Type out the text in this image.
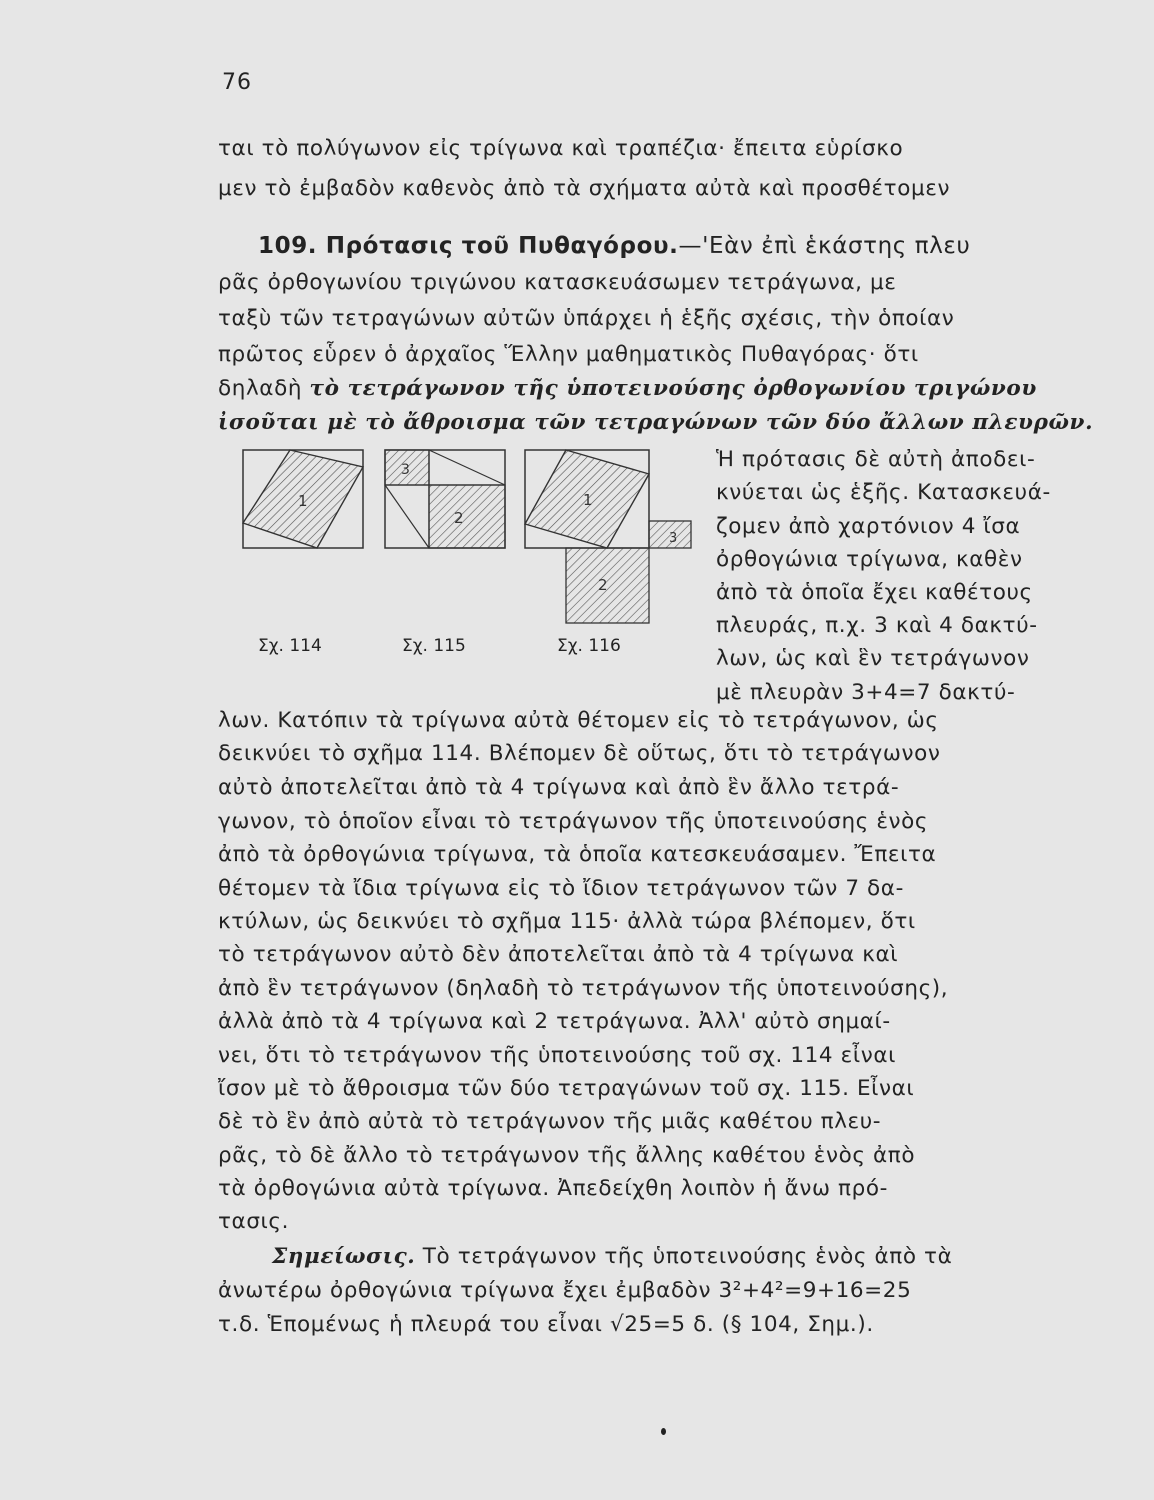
76
ται τὸ πολύγωνον εἰς τρίγωνα καὶ τραπέζια· ἔπειτα εὑρίσκο
μεν τὸ ἐμβαδὸν καθενὸς ἀπὸ τὰ σχήματα αὐτὰ καὶ προσθέτομεν
109. Πρότασις τοῦ Πυθαγόρου.—'Εὰν ἐπὶ ἑκάστης πλευ
ρᾶς ὀρθογωνίου τριγώνου κατασκευάσωμεν τετράγωνα, με
ταξὺ τῶν τετραγώνων αὐτῶν ὑπάρχει ἡ ἑξῆς σχέσις, τὴν ὁποίαν
πρῶτος εὗρεν ὁ ἀρχαῖος Ἕλλην μαθηματικὸς Πυθαγόρας· ὅτι
δηλαδὴ τὸ τετράγωνον τῆς ὑποτεινούσης ὀρθογωνίου τριγώνου
ἰσοῦται μὲ τὸ ἄθροισμα τῶν τετραγώνων τῶν δύο ἄλλων πλευρῶν.
Ἡ πρότασις δὲ αὐτὴ ἀποδει-
κνύεται ὡς ἑξῆς. Κατασκευά-
ζομεν ἀπὸ χαρτόνιον 4 ἴσα
ὀρθογώνια τρίγωνα, καθὲν
ἀπὸ τὰ ὁποῖα ἔχει καθέτους
πλευράς, π.χ. 3 καὶ 4 δακτύ-
λων, ὡς καὶ ἓν τετράγωνον
μὲ πλευρὰν 3+4=7 δακτύ-
1
3
2
1
3
2
Σχ. 114	Σχ. 115	Σχ. 116
λων. Κατόπιν τὰ τρίγωνα αὐτὰ θέτομεν εἰς τὸ τετράγωνον, ὡς
δεικνύει τὸ σχῆμα 114. Βλέπομεν δὲ οὕτως, ὅτι τὸ τετράγωνον
αὐτὸ ἀποτελεῖται ἀπὸ τὰ 4 τρίγωνα καὶ ἀπὸ ἓν ἄλλο τετρά-
γωνον, τὸ ὁποῖον εἶναι τὸ τετράγωνον τῆς ὑποτεινούσης ἑνὸς
ἀπὸ τὰ ὀρθογώνια τρίγωνα, τὰ ὁποῖα κατεσκευάσαμεν. Ἔπειτα
θέτομεν τὰ ἴδια τρίγωνα εἰς τὸ ἴδιον τετράγωνον τῶν 7 δα-
κτύλων, ὡς δεικνύει τὸ σχῆμα 115· ἀλλὰ τώρα βλέπομεν, ὅτι
τὸ τετράγωνον αὐτὸ δὲν ἀποτελεῖται ἀπὸ τὰ 4 τρίγωνα καὶ
ἀπὸ ἓν τετράγωνον (δηλαδὴ τὸ τετράγωνον τῆς ὑποτεινούσης),
ἀλλὰ ἀπὸ τὰ 4 τρίγωνα καὶ 2 τετράγωνα. Ἀλλ' αὐτὸ σημαί-
νει, ὅτι τὸ τετράγωνον τῆς ὑποτεινούσης τοῦ σχ. 114 εἶναι
ἴσον μὲ τὸ ἄθροισμα τῶν δύο τετραγώνων τοῦ σχ. 115. Εἶναι
δὲ τὸ ἓν ἀπὸ αὐτὰ τὸ τετράγωνον τῆς μιᾶς καθέτου πλευ-
ρᾶς, τὸ δὲ ἄλλο τὸ τετράγωνον τῆς ἄλλης καθέτου ἑνὸς ἀπὸ
τὰ ὀρθογώνια αὐτὰ τρίγωνα. Ἀπεδείχθη λοιπὸν ἡ ἄνω πρό-
τασις.
Σημείωσις. Τὸ τετράγωνον τῆς ὑποτεινούσης ἑνὸς ἀπὸ τὰ
ἀνωτέρω ὀρθογώνια τρίγωνα ἔχει ἐμβαδὸν 3²+4²=9+16=25
τ.δ. Ἑπομένως ἡ πλευρά του εἶναι √25=5 δ. (§ 104, Σημ.).
